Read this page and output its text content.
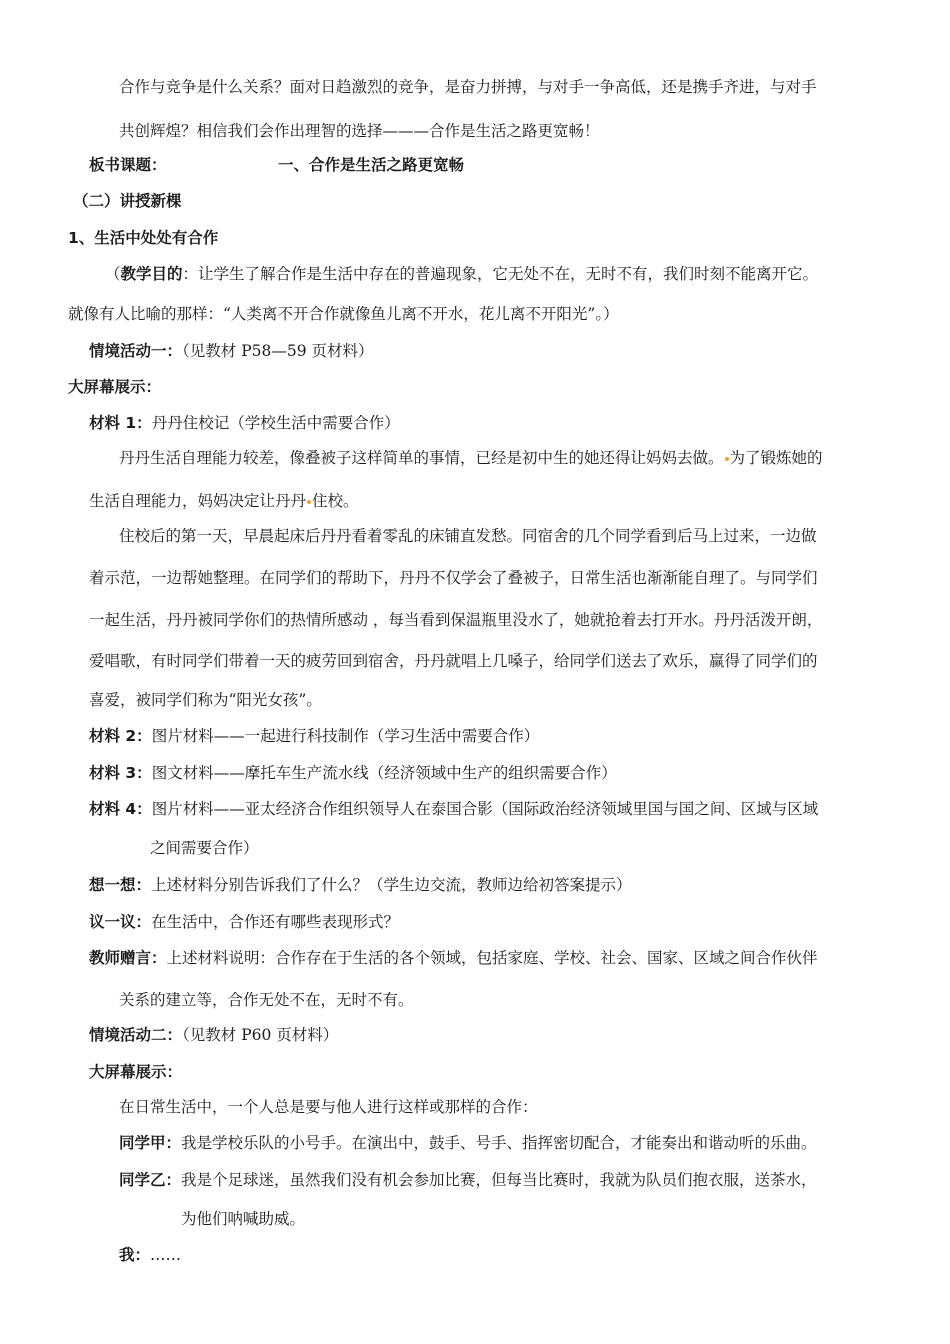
合作与竞争是什么关系？面对日趋激烈的竞争，是奋力拼搏，与对手一争高低，还是携手齐进，与对手
共创辉煌？相信我们会作出理智的选择———合作是生活之路更宽畅！
板书课题：	一、合作是生活之路更宽畅
（二）讲授新棵
1、生活中处处有合作
（教学目的：让学生了解合作是生活中存在的普遍现象，它无处不在，无时不有，我们时刻不能离开它。
就像有人比喻的那样：“人类离不开合作就像鱼儿离不开水，花儿离不开阳光”。）
情境活动一：（见教材 P58—59 页材料）
大屏幕展示：
材料 1：丹丹住校记（学校生活中需要合作）
丹丹生活自理能力较差，像叠被子这样简单的事情，已经是初中生的她还得让妈妈去做。 为了锻炼她的
生活自理能力，妈妈决定让丹丹 住校。
住校后的第一天，早晨起床后丹丹看着零乱的床铺直发愁。同宿舍的几个同学看到后马上过来，一边做
着示范，一边帮她整理。在同学们的帮助下，丹丹不仅学会了叠被子，日常生活也渐渐能自理了。与同学们
一起生活，丹丹被同学你们的热情所感动 ，每当看到保温瓶里没水了，她就抢着去打开水。丹丹活泼开朗，
爱唱歌，有时同学们带着一天的疲劳回到宿舍，丹丹就唱上几嗓子，给同学们送去了欢乐，赢得了同学们的
喜爱，被同学们称为“阳光女孩”。
材料 2：图片材料——一起进行科技制作（学习生活中需要合作）
材料 3：图文材料——摩托车生产流水线（经济领域中生产的组织需要合作）
材料 4：图片材料——亚太经济合作组织领导人在泰国合影（国际政治经济领域里国与国之间、区域与区域
之间需要合作）
想一想：上述材料分别告诉我们了什么？（学生边交流，教师边给初答案提示）
议一议：在生活中，合作还有哪些表现形式？
教师赠言：上述材料说明：合作存在于生活的各个领域，包括家庭、学校、社会、国家、区域之间合作伙伴
关系的建立等，合作无处不在，无时不有。
情境活动二：（见教材 P60 页材料）
大屏幕展示：
在日常生活中，一个人总是要与他人进行这样或那样的合作：
同学甲：我是学校乐队的小号手。在演出中，鼓手、号手、指挥密切配合，才能奏出和谐动听的乐曲。
同学乙：我是个足球迷，虽然我们没有机会参加比赛，但每当比赛时，我就为队员们抱衣服，送茶水，
为他们呐喊助威。
我：……
